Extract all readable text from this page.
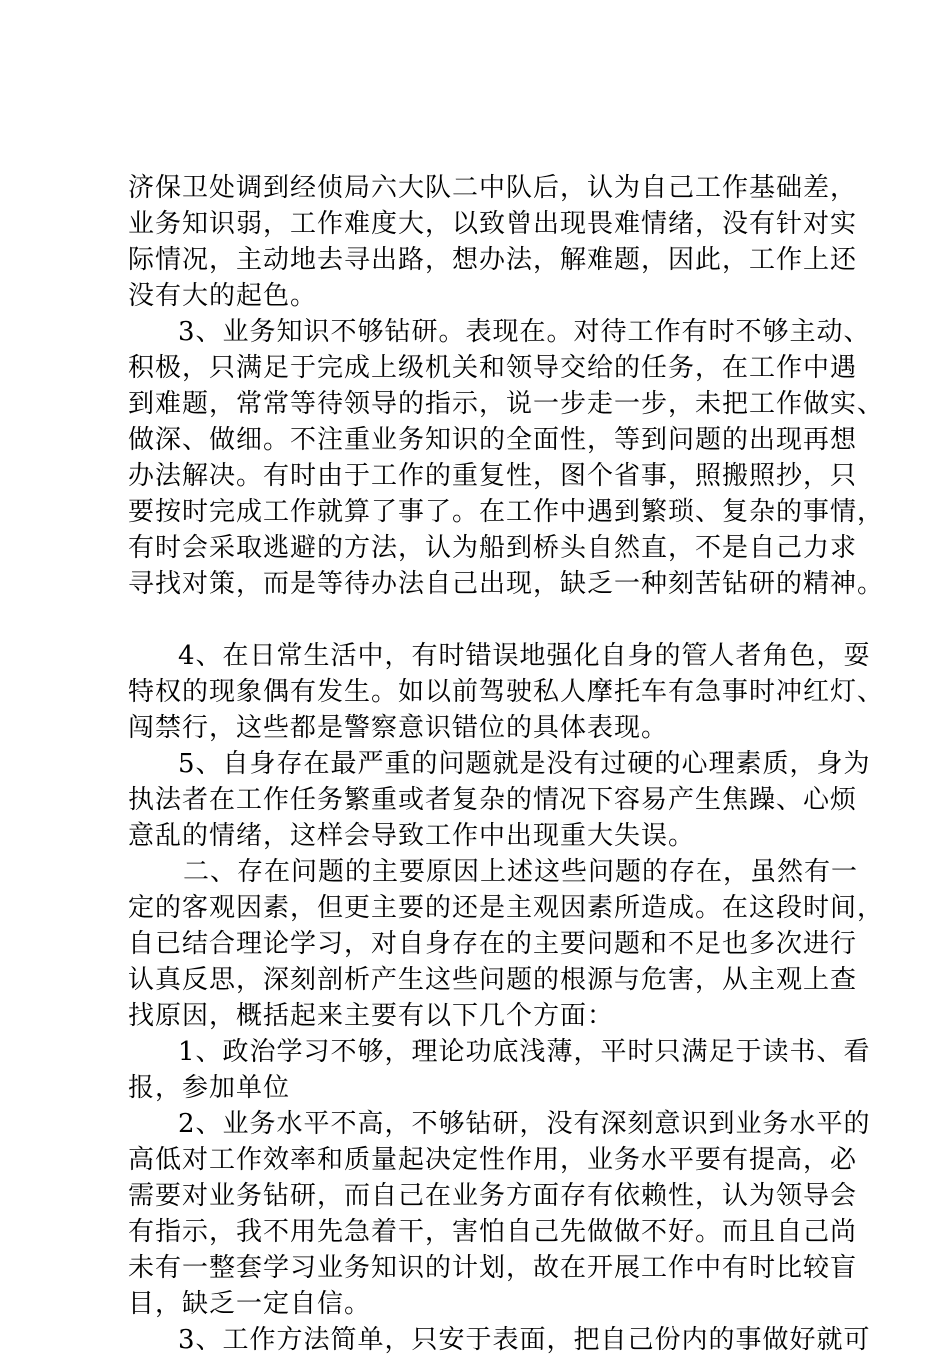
济保卫处调到经侦局六大队二中队后，认为自己工作基础差，
业务知识弱，工作难度大，以致曾出现畏难情绪，没有针对实
际情况，主动地去寻出路，想办法，解难题，因此，工作上还
没有大的起色。
3、业务知识不够钻研。表现在。对待工作有时不够主动、
积极，只满足于完成上级机关和领导交给的任务，在工作中遇
到难题，常常等待领导的指示，说一步走一步，未把工作做实、
做深、做细。不注重业务知识的全面性，等到问题的出现再想
办法解决。有时由于工作的重复性，图个省事，照搬照抄，只
要按时完成工作就算了事了。在工作中遇到繁琐、复杂的事情，
有时会采取逃避的方法，认为船到桥头自然直，不是自己力求
寻找对策，而是等待办法自己出现，缺乏一种刻苦钻研的精神。
4、在日常生活中，有时错误地强化自身的管人者角色，耍
特权的现象偶有发生。如以前驾驶私人摩托车有急事时冲红灯、
闯禁行，这些都是警察意识错位的具体表现。
5、自身存在最严重的问题就是没有过硬的心理素质，身为
执法者在工作任务繁重或者复杂的情况下容易产生焦躁、心烦
意乱的情绪，这样会导致工作中出现重大失误。
二、存在问题的主要原因上述这些问题的存在，虽然有一
定的客观因素，但更主要的还是主观因素所造成。在这段时间，
自已结合理论学习，对自身存在的主要问题和不足也多次进行
认真反思，深刻剖析产生这些问题的根源与危害，从主观上查
找原因，概括起来主要有以下几个方面：
1、政治学习不够，理论功底浅薄，平时只满足于读书、看
报，参加单位
2、业务水平不高，不够钻研，没有深刻意识到业务水平的
高低对工作效率和质量起决定性作用，业务水平要有提高，必
需要对业务钻研，而自己在业务方面存有依赖性，认为领导会
有指示，我不用先急着干，害怕自己先做做不好。而且自己尚
未有一整套学习业务知识的计划，故在开展工作中有时比较盲
目，缺乏一定自信。
3、工作方法简单，只安于表面，把自己份内的事做好就可
